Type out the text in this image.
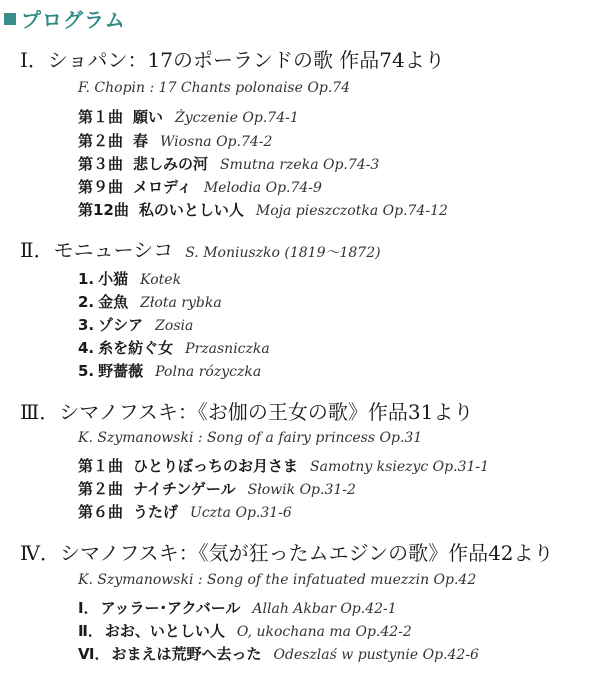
プログラム
Ⅰ．ショパン：17のポーランドの歌 作品74より
F. Chopin : 17 Chants polonaise Op.74
第１曲 願い Życzenie Op.74-1
第２曲 春 Wiosna Op.74-2
第３曲 悲しみの河 Smutna rzeka Op.74-3
第９曲 メロディ Melodia Op.74-9
第12曲 私のいとしい人 Moja pieszczotka Op.74-12
Ⅱ．モニューシコ S. Moniuszko (1819～1872)
1.小猫 Kotek
2.金魚 Złota rybka
3.ゾシア Zosia
4.糸を紡ぐ女 Przasniczka
5.野薔薇 Polna rózyczka
Ⅲ．シマノフスキ：《お伽の王女の歌》作品31より
K. Szymanowski : Song of a fairy princess Op.31
第１曲 ひとりぼっちのお月さま Samotny ksiezyc Op.31-1
第２曲 ナイチンゲール Słowik Op.31-2
第６曲 うたげ Uczta Op.31-6
Ⅳ．シマノフスキ：《気が狂ったムエジンの歌》作品42より
K. Szymanowski : Song of the infatuated muezzin Op.42
Ⅰ． アッラー･アクバール Allah Akbar Op.42-1
Ⅱ． おお、いとしい人 O, ukochana ma Op.42-2
Ⅵ． おまえは荒野へ去った Odeszlaś w pustynie Op.42-6
